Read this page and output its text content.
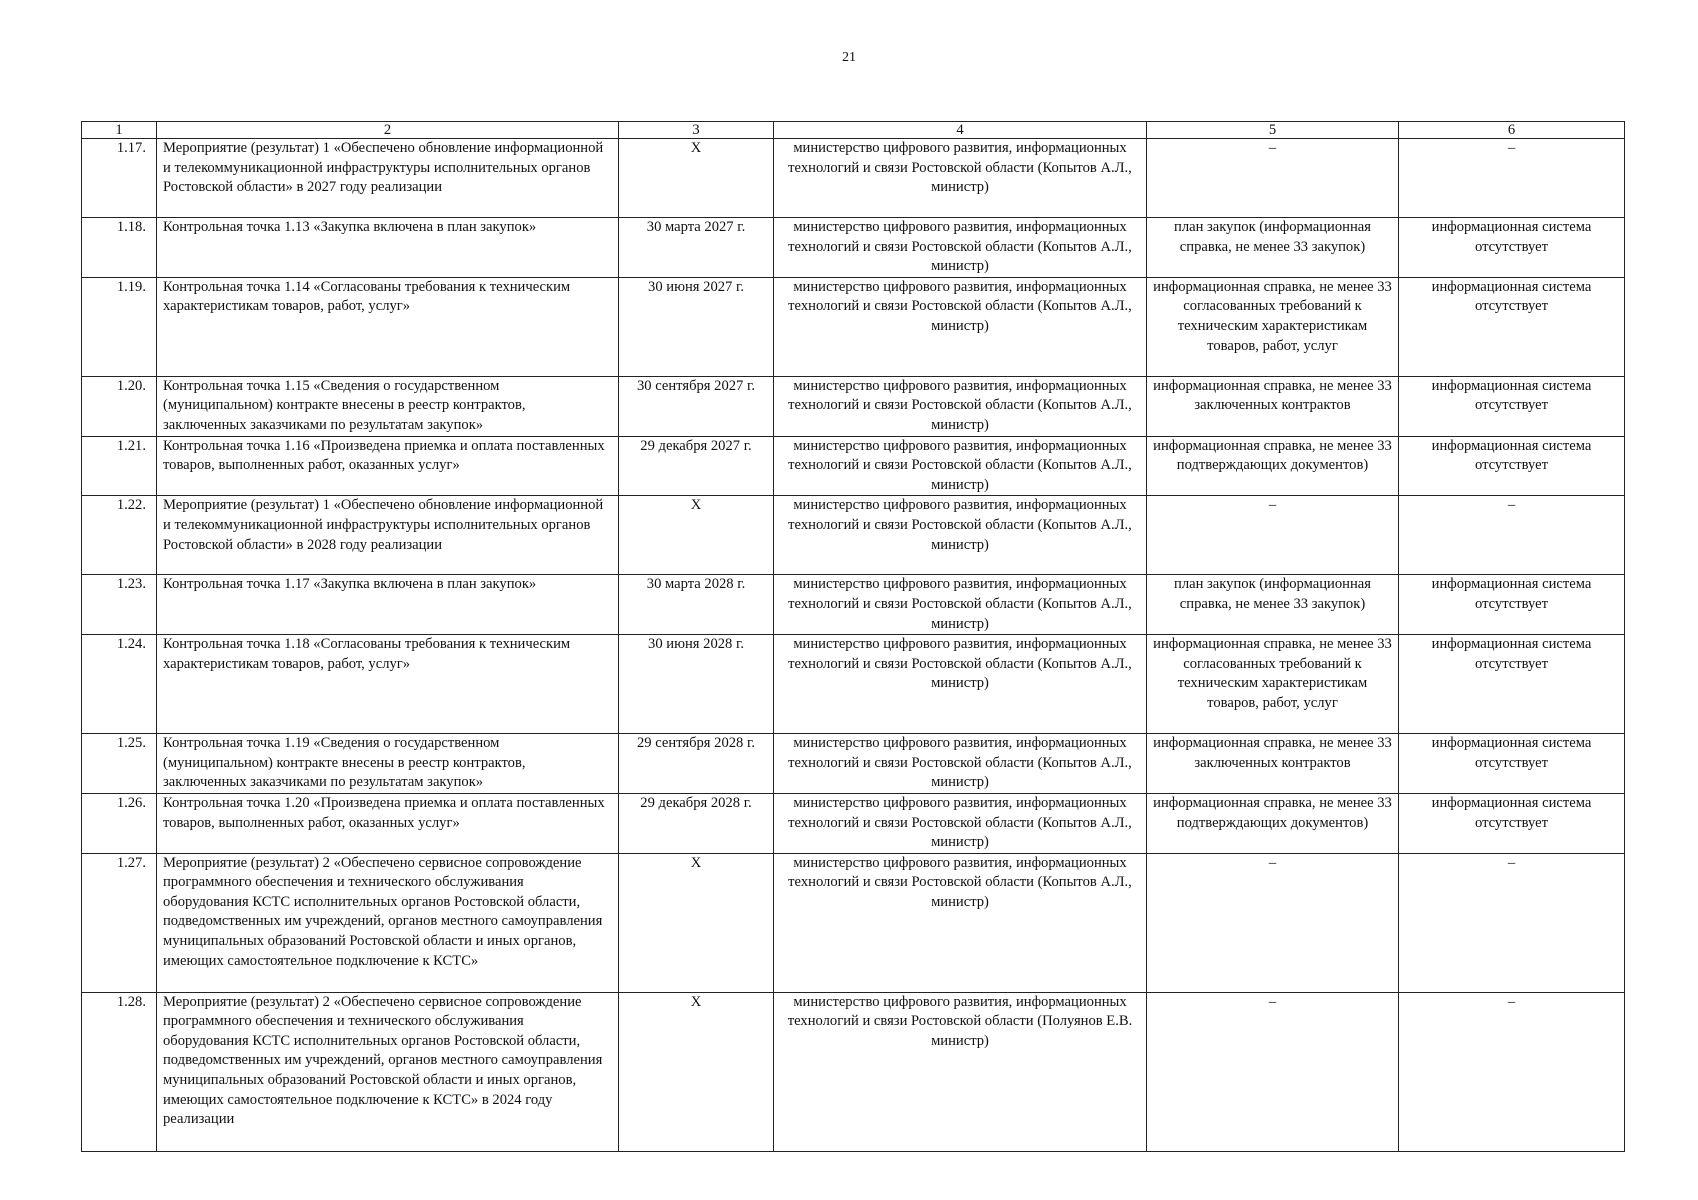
21
1	2	3	4	5	6
1.17.	Мероприятие (результат) 1 «Обеспечено обновление информационной и телекоммуникационной инфраструктуры исполнительных органов Ростовской области» в 2027 году реализации	X	министерство цифрового развития, информационных технологий и связи Ростовской области (Копытов А.Л., министр)	–	–
1.18.	Контрольная точка 1.13 «Закупка включена в план закупок»	30 марта 2027 г.	министерство цифрового развития, информационных технологий и связи Ростовской области (Копытов А.Л., министр)	план закупок (информационная справка, не менее 33 закупок)	информационная система отсутствует
1.19.	Контрольная точка 1.14 «Согласованы требования к техническим характеристикам товаров, работ, услуг»	30 июня 2027 г.	министерство цифрового развития, информационных технологий и связи Ростовской области (Копытов А.Л., министр)	информационная справка, не менее 33 согласованных требований к техническим характеристикам товаров, работ, услуг	информационная система отсутствует
1.20.	Контрольная точка 1.15 «Сведения о государственном (муниципальном) контракте внесены в реестр контрактов, заключенных заказчиками по результатам закупок»	30 сентября 2027 г.	министерство цифрового развития, информационных технологий и связи Ростовской области (Копытов А.Л., министр)	информационная справка, не менее 33 заключенных контрактов	информационная система отсутствует
1.21.	Контрольная точка 1.16 «Произведена приемка и оплата поставленных товаров, выполненных работ, оказанных услуг»	29 декабря 2027 г.	министерство цифрового развития, информационных технологий и связи Ростовской области (Копытов А.Л., министр)	информационная справка, не менее 33 подтверждающих документов)	информационная система отсутствует
1.22.	Мероприятие (результат) 1 «Обеспечено обновление информационной и телекоммуникационной инфраструктуры исполнительных органов Ростовской области» в 2028 году реализации	X	министерство цифрового развития, информационных технологий и связи Ростовской области (Копытов А.Л., министр)	–	–
1.23.	Контрольная точка 1.17 «Закупка включена в план закупок»	30 марта 2028 г.	министерство цифрового развития, информационных технологий и связи Ростовской области (Копытов А.Л., министр)	план закупок (информационная справка, не менее 33 закупок)	информационная система отсутствует
1.24.	Контрольная точка 1.18 «Согласованы требования к техническим характеристикам товаров, работ, услуг»	30 июня 2028 г.	министерство цифрового развития, информационных технологий и связи Ростовской области (Копытов А.Л., министр)	информационная справка, не менее 33 согласованных требований к техническим характеристикам товаров, работ, услуг	информационная система отсутствует
1.25.	Контрольная точка 1.19 «Сведения о государственном (муниципальном) контракте внесены в реестр контрактов, заключенных заказчиками по результатам закупок»	29 сентября 2028 г.	министерство цифрового развития, информационных технологий и связи Ростовской области (Копытов А.Л., министр)	информационная справка, не менее 33 заключенных контрактов	информационная система отсутствует
1.26.	Контрольная точка 1.20 «Произведена приемка и оплата поставленных товаров, выполненных работ, оказанных услуг»	29 декабря 2028 г.	министерство цифрового развития, информационных технологий и связи Ростовской области (Копытов А.Л., министр)	информационная справка, не менее 33 подтверждающих документов)	информационная система отсутствует
1.27.	Мероприятие (результат) 2 «Обеспечено сервисное сопровождение программного обеспечения и технического обслуживания оборудования КСТС исполнительных органов Ростовской области, подведомственных им учреждений, органов местного самоуправления муниципальных образований Ростовской области и иных органов, имеющих самостоятельное подключение к КСТС»	X	министерство цифрового развития, информационных технологий и связи Ростовской области (Копытов А.Л., министр)	–	–
1.28.	Мероприятие (результат) 2 «Обеспечено сервисное сопровождение программного обеспечения и технического обслуживания оборудования КСТС исполнительных органов Ростовской области, подведомственных им учреждений, органов местного самоуправления муниципальных образований Ростовской области и иных органов, имеющих самостоятельное подключение к КСТС» в 2024 году реализации	X	министерство цифрового развития, информационных технологий и связи Ростовской области (Полуянов Е.В. министр)	–	–
